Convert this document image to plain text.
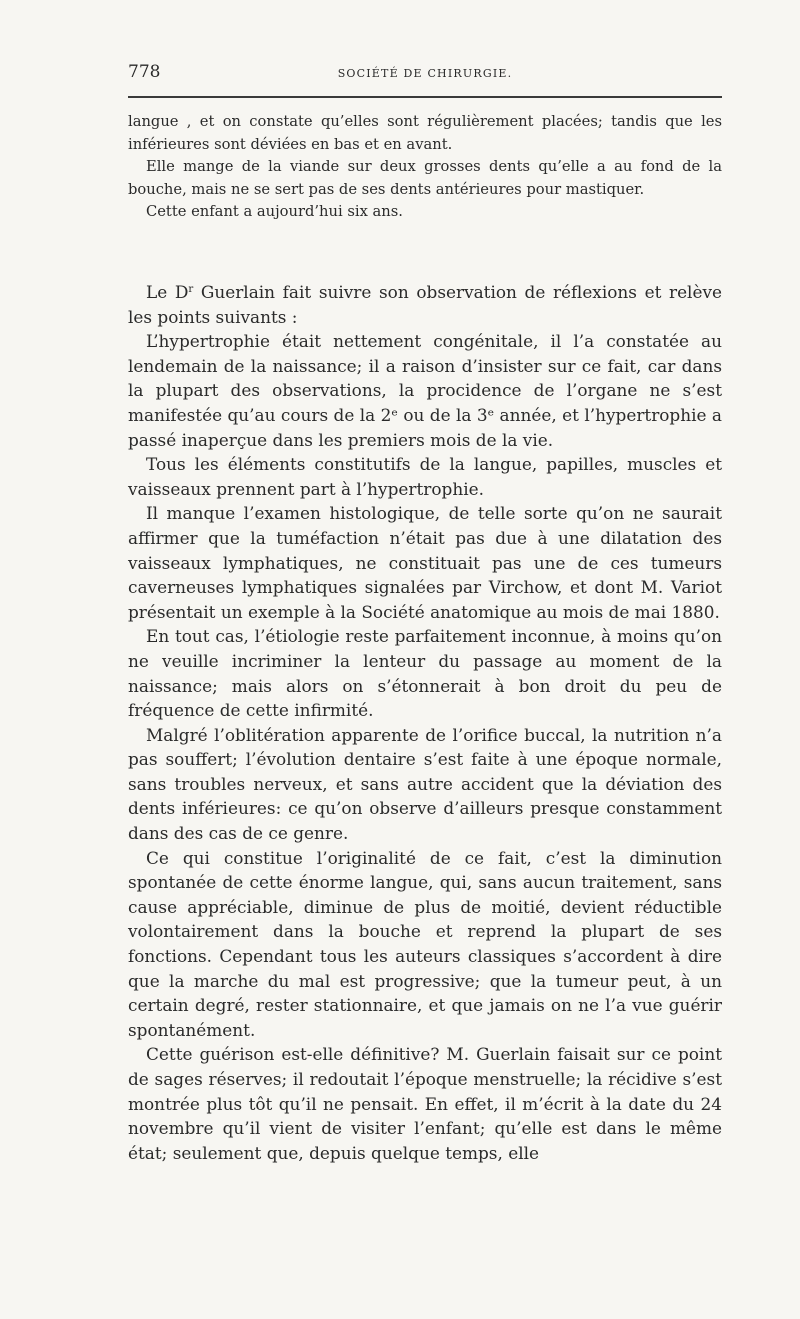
778	SOCIÉTÉ DE CHIRURGIE.

langue , et on constate qu’elles sont régulièrement placées; tandis que les inférieures sont déviées en bas et en avant.

Elle mange de la viande sur deux grosses dents qu’elle a au fond de la bouche, mais ne se sert pas de ses dents antérieures pour mastiquer.

Cette enfant a aujourd’hui six ans.

Le $D^r$ Guerlain fait suivre son observation de réflexions et relève les points suivants :

L’hypertrophie était nettement congénitale, il l’a constatée au lendemain de la naissance; il a raison d’insister sur ce fait, car dans la plupart des observations, la procidence de l’organe ne s’est manifestée qu’au cours de la 2ᵉ ou de la 3ᵉ année, et l’hypertrophie a passé inaperçue dans les premiers mois de la vie.

Tous les éléments constitutifs de la langue, papilles, muscles et vaisseaux prennent part à l’hypertrophie.

Il manque l’examen histologique, de telle sorte qu’on ne saurait affirmer que la tuméfaction n’était pas due à une dilatation des vaisseaux lymphatiques, ne constituait pas une de ces tumeurs caverneuses lymphatiques signalées par Virchow, et dont M. Variot présentait un exemple à la Société anatomique au mois de mai 1880.

En tout cas, l’étiologie reste parfaitement inconnue, à moins qu’on ne veuille incriminer la lenteur du passage au moment de la naissance; mais alors on s’étonnerait à bon droit du peu de fréquence de cette infirmité.

Malgré l’oblitération apparente de l’orifice buccal, la nutrition n’a pas souffert; l’évolution dentaire s’est faite à une époque normale, sans troubles nerveux, et sans autre accident que la déviation des dents inférieures: ce qu’on observe d’ailleurs presque constamment dans des cas de ce genre.

Ce qui constitue l’originalité de ce fait, c’est la diminution spontanée de cette énorme langue, qui, sans aucun traitement, sans cause appréciable, diminue de plus de moitié, devient réductible volontairement dans la bouche et reprend la plupart de ses fonctions. Cependant tous les auteurs classiques s’accordent à dire que la marche du mal est progressive; que la tumeur peut, à un certain degré, rester stationnaire, et que jamais on ne l’a vue guérir spontanément.

Cette guérison est-elle définitive? M. Guerlain faisait sur ce point de sages réserves; il redoutait l’époque menstruelle; la récidive s’est montrée plus tôt qu’il ne pensait. En effet, il m’écrit à la date du 24 novembre qu’il vient de visiter l’enfant; qu’elle est dans le même état; seulement que, depuis quelque temps, elle
